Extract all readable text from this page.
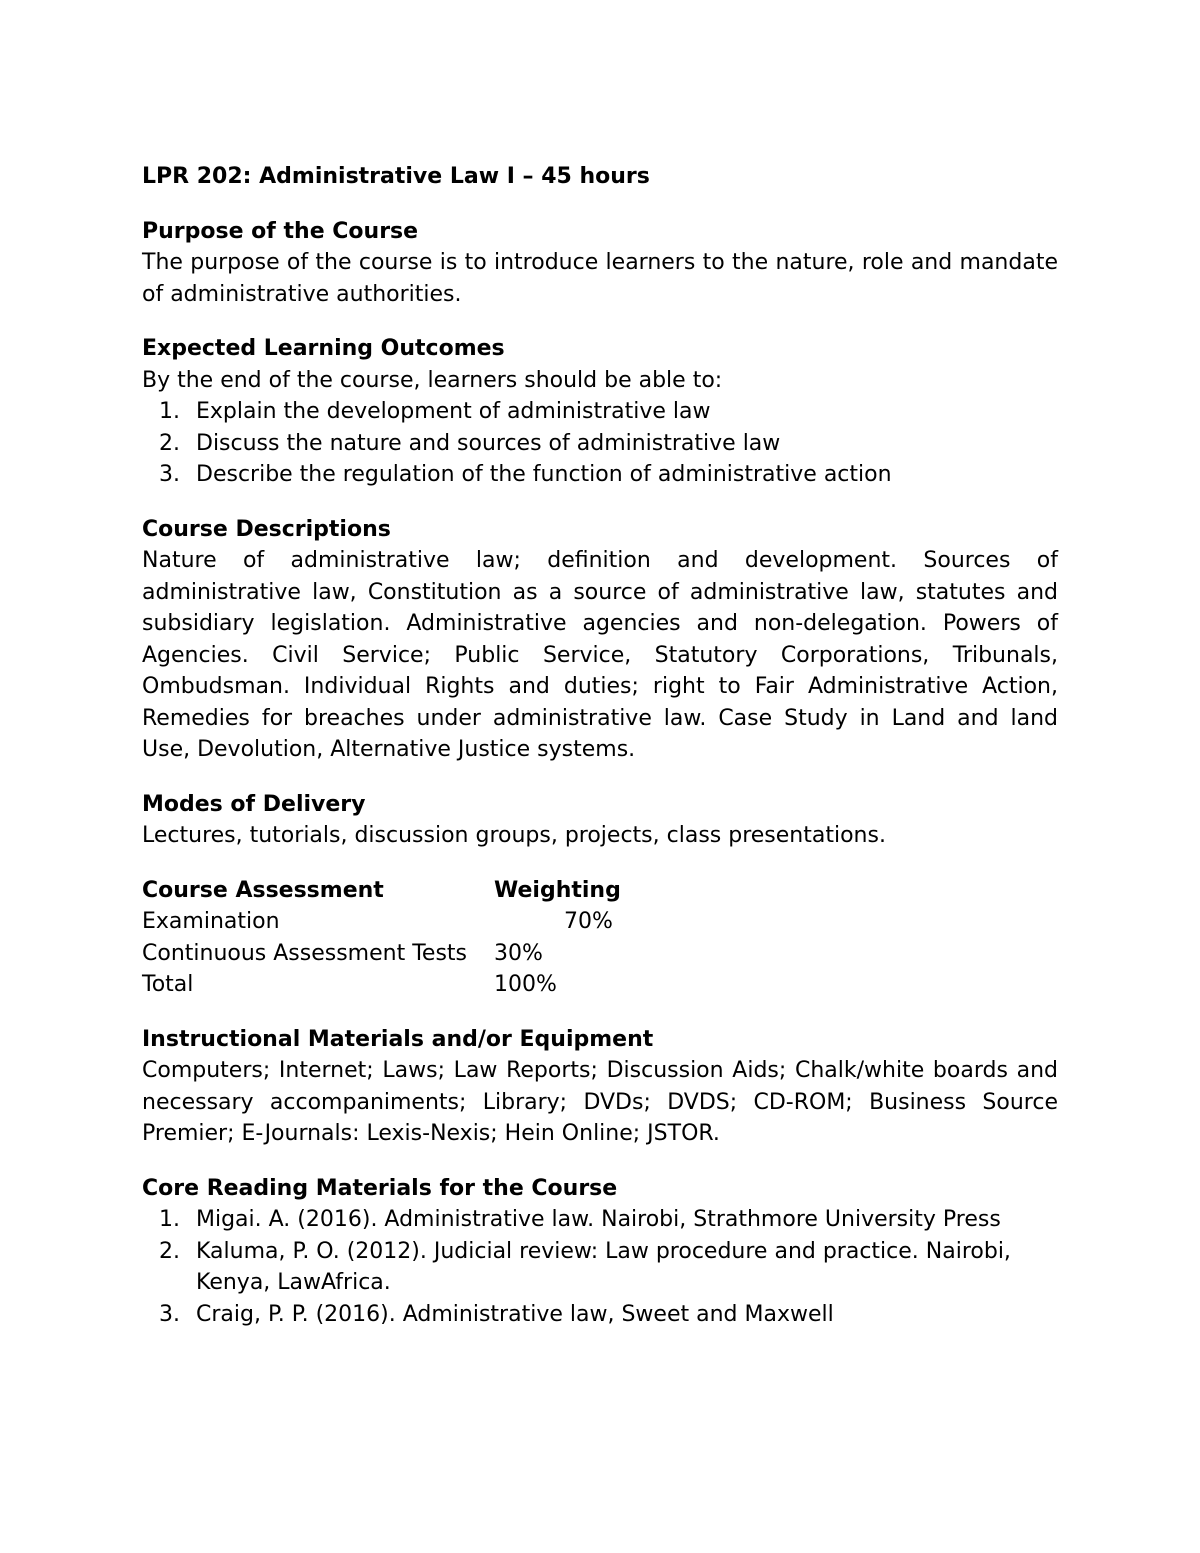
LPR 202: Administrative Law I – 45 hours

Purpose of the Course

The purpose of the course is to introduce learners to the nature, role and mandate of administrative authorities.

Expected Learning Outcomes

By the end of the course, learners should be able to:

1. Explain the development of administrative law
2. Discuss the nature and sources of administrative law
3. Describe the regulation of the function of administrative action

Course Descriptions

Nature of administrative law; definition and development. Sources of administrative law, Constitution as a source of administrative law, statutes and subsidiary legislation. Administrative agencies and non-delegation. Powers of Agencies. Civil Service; Public Service, Statutory Corporations, Tribunals, Ombudsman. Individual Rights and duties; right to Fair Administrative Action, Remedies for breaches under administrative law. Case Study in Land and land Use, Devolution, Alternative Justice systems.

Modes of Delivery

Lectures, tutorials, discussion groups, projects, class presentations.

Course Assessment	Weighting
Examination	70%
Continuous Assessment Tests	30%
Total	100%

Instructional Materials and/or Equipment

Computers; Internet; Laws; Law Reports; Discussion Aids; Chalk/white boards and necessary accompaniments; Library; DVDs; DVDS; CD-ROM; Business Source Premier; E-Journals: Lexis-Nexis; Hein Online; JSTOR.

Core Reading Materials for the Course

1. Migai. A. (2016). Administrative law. Nairobi, Strathmore University Press
2. Kaluma, P. O. (2012). Judicial review: Law procedure and practice. Nairobi, Kenya, LawAfrica.
3. Craig, P. P. (2016). Administrative law, Sweet and Maxwell
